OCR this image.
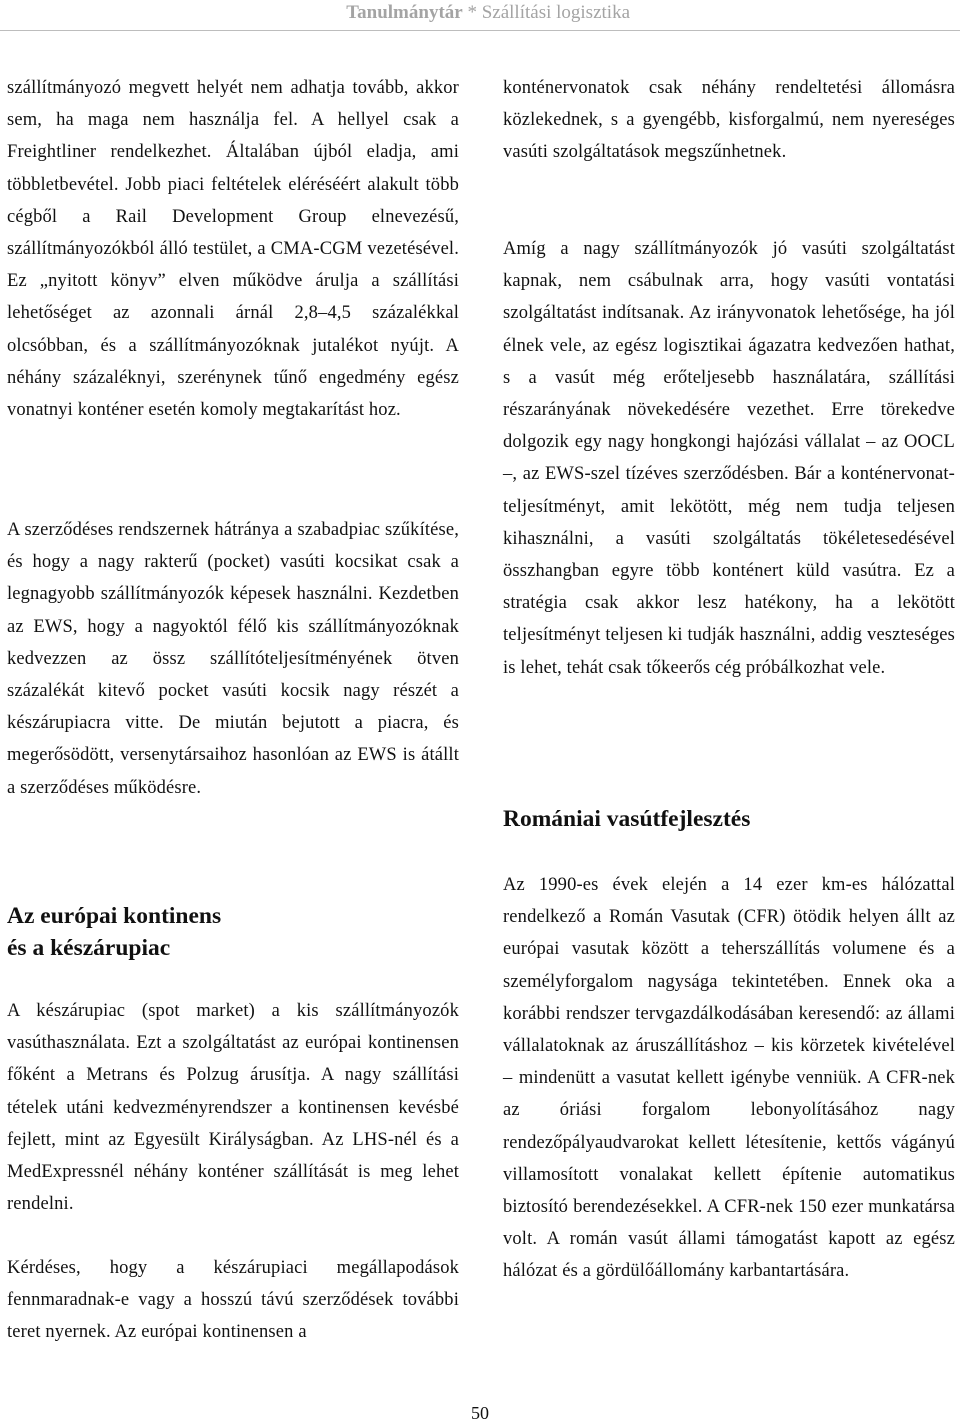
Tanulmánytár * Szállítási logisztika

szállítmányozó megvett helyét nem adhatja tovább, akkor sem, ha maga nem használja fel. A hellyel csak a Freightliner rendelkezhet. Általában újból eladja, ami többletbevétel. Jobb piaci feltételek eléréséért alakult több cégből a Rail Development Group elnevezésű, szállítmányozókból álló testület, a CMA-CGM vezetésével. Ez „nyitott könyv” elven működve árulja a szállítási lehetőséget az azonnali árnál 2,8–4,5 százalékkal olcsóbban, és a szállítmányozóknak jutalékot nyújt. A néhány százaléknyi, szerénynek tűnő engedmény egész vonatnyi konténer esetén komoly megtakarítást hoz.

A szerződéses rendszernek hátránya a szabadpiac szűkítése, és hogy a nagy rakterű (pocket) vasúti kocsikat csak a legnagyobb szállítmányozók képesek használni. Kezdetben az EWS, hogy a nagyoktól félő kis szállítmányozóknak kedvezzen az össz szállítóteljesítményének ötven százalékát kitevő pocket vasúti kocsik nagy részét a készárupiacra vitte. De miután bejutott a piacra, és megerősödött, versenytársaihoz hasonlóan az EWS is átállt a szerződéses működésre.

Az európai kontinens
és a készárupiac

A készárupiac (spot market) a kis szállítmányozók vasúthasználata. Ezt a szolgáltatást az európai kontinensen főként a Metrans és Polzug árusítja. A nagy szállítási tételek utáni kedvezményrendszer a kontinensen kevésbé fejlett, mint az Egyesült Királyságban. Az LHS-nél és a MedExpressnél néhány konténer szállítását is meg lehet rendelni.

Kérdéses, hogy a készárupiaci megállapodások fennmaradnak-e vagy a hosszú távú szerződések további teret nyernek. Az európai kontinensen a

konténervonatok csak néhány rendeltetési állomásra közlekednek, s a gyengébb, kisforgalmú, nem nyereséges vasúti szolgáltatások megszűnhetnek.

Amíg a nagy szállítmányozók jó vasúti szolgáltatást kapnak, nem csábulnak arra, hogy vasúti vontatási szolgáltatást indítsanak. Az irányvonatok lehetősége, ha jól élnek vele, az egész logisztikai ágazatra kedvezően hathat, s a vasút még erőteljesebb használatára, szállítási részarányának növekedésére vezethet. Erre törekedve dolgozik egy nagy hongkongi hajózási vállalat – az OOCL –, az EWS-szel tízéves szerződésben. Bár a konténervonat-teljesítményt, amit lekötött, még nem tudja teljesen kihasználni, a vasúti szolgáltatás tökéletesedésével összhangban egyre több konténert küld vasútra. Ez a stratégia csak akkor lesz hatékony, ha a lekötött teljesítményt teljesen ki tudják használni, addig veszteséges is lehet, tehát csak tőkeerős cég próbálkozhat vele.

Romániai vasútfejlesztés

Az 1990-es évek elején a 14 ezer km-es hálózattal rendelkező a Román Vasutak (CFR) ötödik helyen állt az európai vasutak között a teherszállítás volumene és a személyforgalom nagysága tekintetében. Ennek oka a korábbi rendszer tervgazdálkodásában keresendő: az állami vállalatoknak az áruszállításhoz – kis körzetek kivételével – mindenütt a vasutat kellett igénybe venniük. A CFR-nek az óriási forgalom lebonyolításához nagy rendezőpályaudvarokat kellett létesítenie, kettős vágányú villamosított vonalakat kellett építenie automatikus biztosító berendezésekkel. A CFR-nek 150 ezer munkatársa volt. A román vasút állami támogatást kapott az egész hálózat és a gördülőállomány karbantartására.

50
